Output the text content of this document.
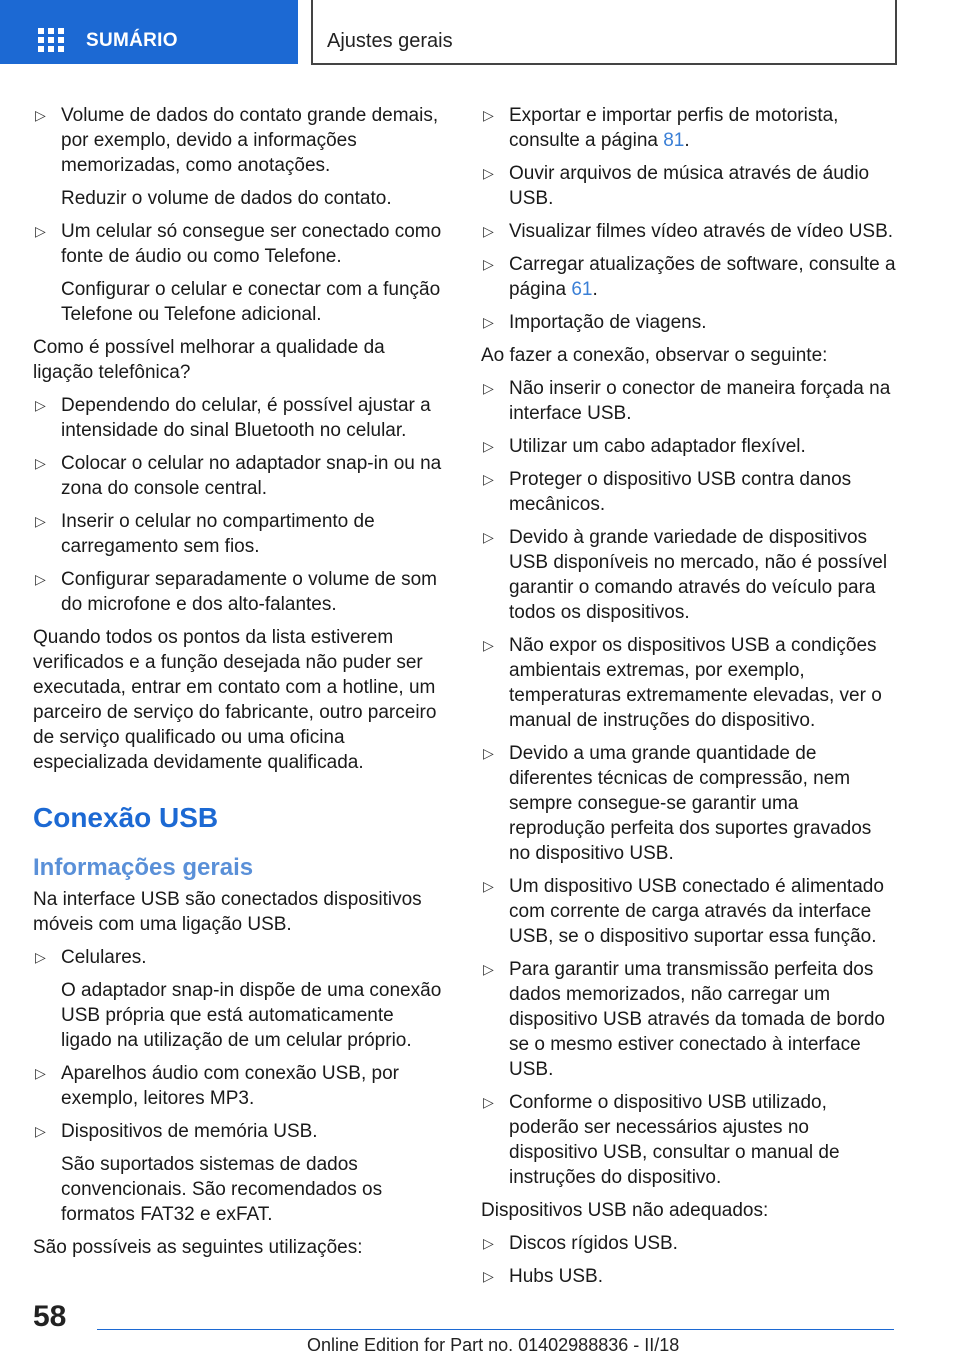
SUMÁRIO	Ajustes gerais
▷ Volume de dados do contato grande demais, por exemplo, devido a informações memorizadas, como anotações.
Reduzir o volume de dados do contato.
▷ Um celular só consegue ser conectado como fonte de áudio ou como Telefone.
Configurar o celular e conectar com a função Telefone ou Telefone adicional.
Como é possível melhorar a qualidade da ligação telefônica?
▷ Dependendo do celular, é possível ajustar a intensidade do sinal Bluetooth no celular.
▷ Colocar o celular no adaptador snap-in ou na zona do console central.
▷ Inserir o celular no compartimento de carregamento sem fios.
▷ Configurar separadamente o volume de som do microfone e dos alto-falantes.
Quando todos os pontos da lista estiverem verificados e a função desejada não puder ser executada, entrar em contato com a hotline, um parceiro de serviço do fabricante, outro parceiro de serviço qualificado ou uma oficina especializada devidamente qualificada.
Conexão USB
Informações gerais
Na interface USB são conectados dispositivos móveis com uma ligação USB.
▷ Celulares.
O adaptador snap-in dispõe de uma conexão USB própria que está automaticamente ligado na utilização de um celular próprio.
▷ Aparelhos áudio com conexão USB, por exemplo, leitores MP3.
▷ Dispositivos de memória USB.
São suportados sistemas de dados convencionais. São recomendados os formatos FAT32 e exFAT.
São possíveis as seguintes utilizações:
▷ Exportar e importar perfis de motorista, consulte a página 81.
▷ Ouvir arquivos de música através de áudio USB.
▷ Visualizar filmes vídeo através de vídeo USB.
▷ Carregar atualizações de software, consulte a página 61.
▷ Importação de viagens.
Ao fazer a conexão, observar o seguinte:
▷ Não inserir o conector de maneira forçada na interface USB.
▷ Utilizar um cabo adaptador flexível.
▷ Proteger o dispositivo USB contra danos mecânicos.
▷ Devido à grande variedade de dispositivos USB disponíveis no mercado, não é possível garantir o comando através do veículo para todos os dispositivos.
▷ Não expor os dispositivos USB a condições ambientais extremas, por exemplo, temperaturas extremamente elevadas, ver o manual de instruções do dispositivo.
▷ Devido a uma grande quantidade de diferentes técnicas de compressão, nem sempre consegue-se garantir uma reprodução perfeita dos suportes gravados no dispositivo USB.
▷ Um dispositivo USB conectado é alimentado com corrente de carga através da interface USB, se o dispositivo suportar essa função.
▷ Para garantir uma transmissão perfeita dos dados memorizados, não carregar um dispositivo USB através da tomada de bordo se o mesmo estiver conectado à interface USB.
▷ Conforme o dispositivo USB utilizado, poderão ser necessários ajustes no dispositivo USB, consultar o manual de instruções do dispositivo.
Dispositivos USB não adequados:
▷ Discos rígidos USB.
▷ Hubs USB.
58
Online Edition for Part no. 01402988836 - II/18
